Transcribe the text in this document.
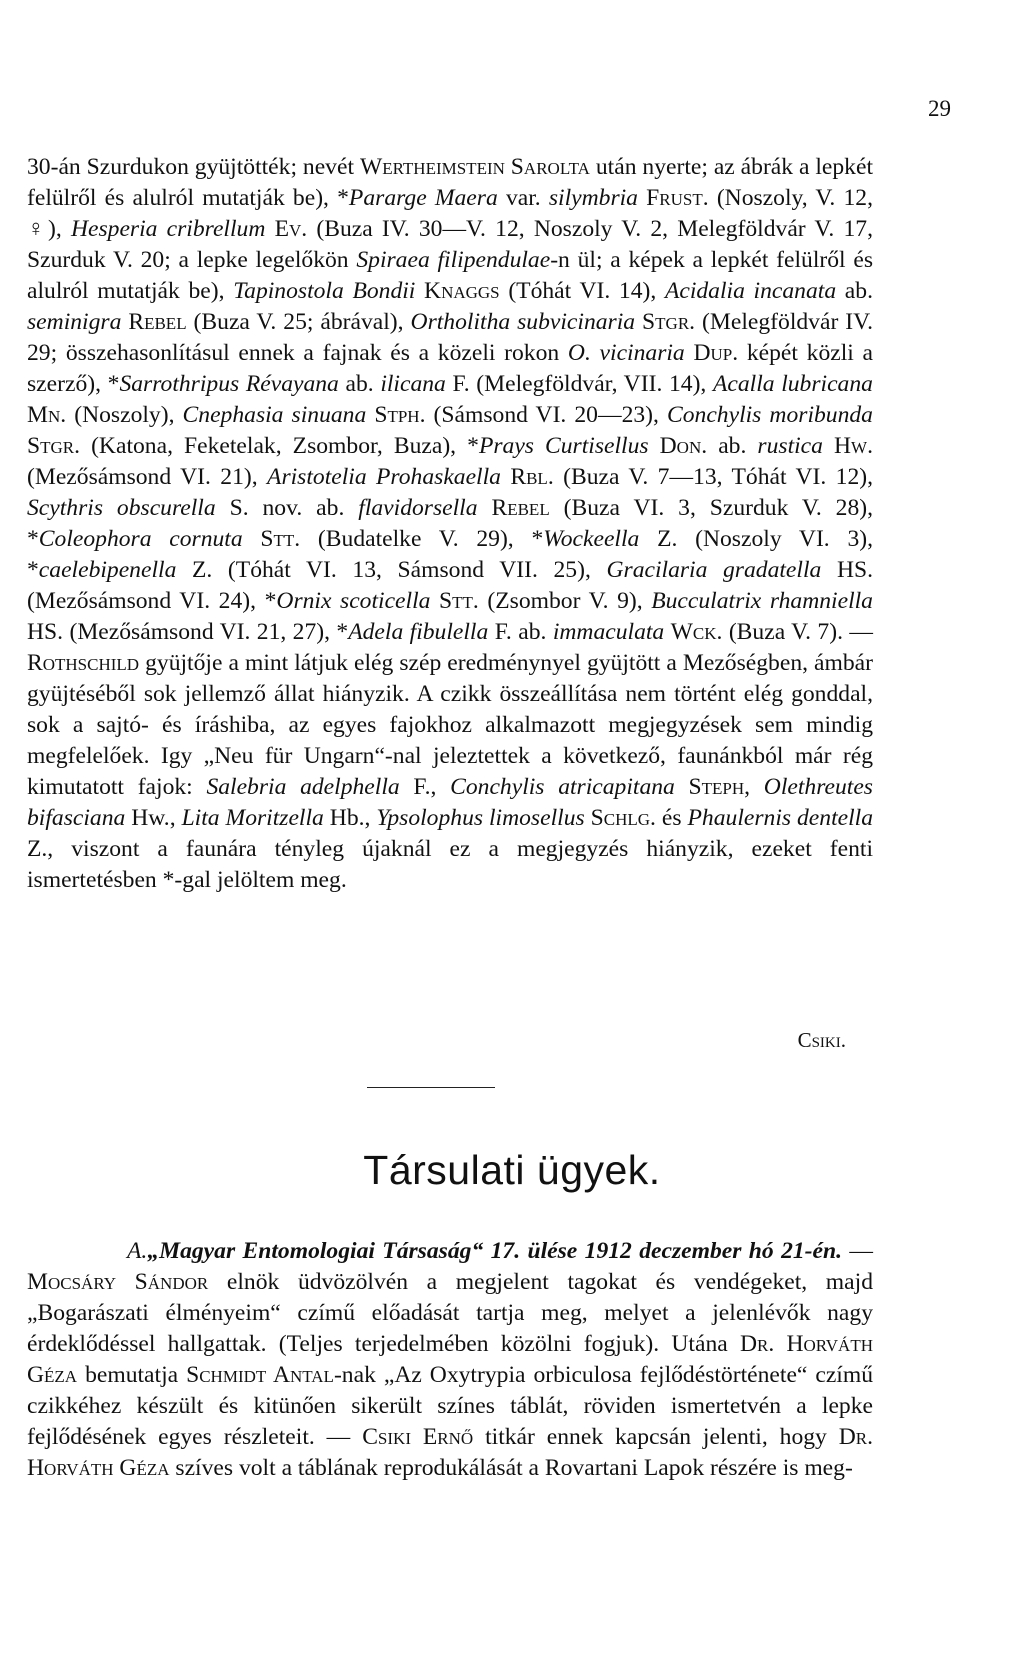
29

30-án Szurdukon gyüjtötték; nevét Wertheimstein Sarolta után nyerte; az ábrák a lepkét felülről és alulról mutatják be), *Pararge Maera var. silymbria Frust. (Noszoly, V. 12, ♀), Hesperia cribrellum Ev. (Buza IV. 30—V. 12, Noszoly V. 2, Melegföldvár V. 17, Szurduk V. 20; a lepke legelőkön Spiraea filipendulae-n ül; a képek a lepkét felülről és alulról mutatják be), Tapinostola Bondii Knaggs (Tóhát VI. 14), Acidalia incanata ab. seminigra Rebel (Buza V. 25; ábrával), Ortholitha subvicinaria Stgr. (Melegföldvár IV. 29; összehasonlításul ennek a fajnak és a közeli rokon O. vicinaria Dup. képét közli a szerző), *Sarrothripus Révayana ab. ilicana F. (Melegföldvár, VII. 14), Acalla lubricana Mn. (Noszoly), Cnephasia sinuana Stph. (Sámsond VI. 20—23), Conchylis moribunda Stgr. (Katona, Feketelak, Zsombor, Buza), *Prays Curtisellus Don. ab. rustica Hw. (Mezősámsond VI. 21), Aristotelia Prohaskaella Rbl. (Buza V. 7—13, Tóhát VI. 12), Scythris obscurella S. nov. ab. flavidorsella Rebel (Buza VI. 3, Szurduk V. 28), *Coleophora cornuta Stt. (Budatelke V. 29), *Wockeella Z. (Noszoly VI. 3), *caelebipenella Z. (Tóhát VI. 13, Sámsond VII. 25), Gracilaria gradatella HS. (Mezősámsond VI. 24), *Ornix scoticella Stt. (Zsombor V. 9), Bucculatrix rhamniella HS. (Mezősámsond VI. 21, 27), *Adela fibulella F. ab. immaculata Wck. (Buza V. 7). — Rothschild gyüjtője a mint látjuk elég szép eredménynyel gyüjtött a Mezőségben, ámbár gyüjtéséből sok jellemző állat hiányzik. A czikk összeállítása nem történt elég gonddal, sok a sajtó- és íráshiba, az egyes fajokhoz alkalmazott megjegyzések sem mindig megfelelőek. Igy „Neu für Ungarn“-nal jeleztettek a következő, faunánkból már rég kimutatott fajok: Salebria adelphella F., Conchylis atricapitana Steph, Olethreutes bifasciana Hw., Lita Moritzella Hb., Ypsolophus limosellus Schlg. és Phaulernis dentella Z., viszont a faunára tényleg újaknál ez a megjegyzés hiányzik, ezeket fenti ismertetésben *-gal jelöltem meg.

Csiki.
Társulati ügyek.

A.„Magyar Entomologiai Társaság“ 17. ülése 1912 deczember hó 21-én. — Mocsáry Sándor elnök üdvözölvén a megjelent tagokat és vendégeket, majd „Bogarászati élményeim“ czímű előadását tartja meg, melyet a jelenlévők nagy érdeklődéssel hallgattak. (Teljes terjedelmében közölni fogjuk). Utána Dr. Horváth Géza bemutatja Schmidt Antal-nak „Az Oxytrypia orbiculosa fejlődéstörténete“ czímű czikkéhez készült és kitünően sikerült színes táblát, röviden ismertetvén a lepke fejlődésének egyes részleteit. — Csiki Ernő titkár ennek kapcsán jelenti, hogy Dr. Horváth Géza szíves volt a táblának reprodukálását a Rovartani Lapok részére is meg-
